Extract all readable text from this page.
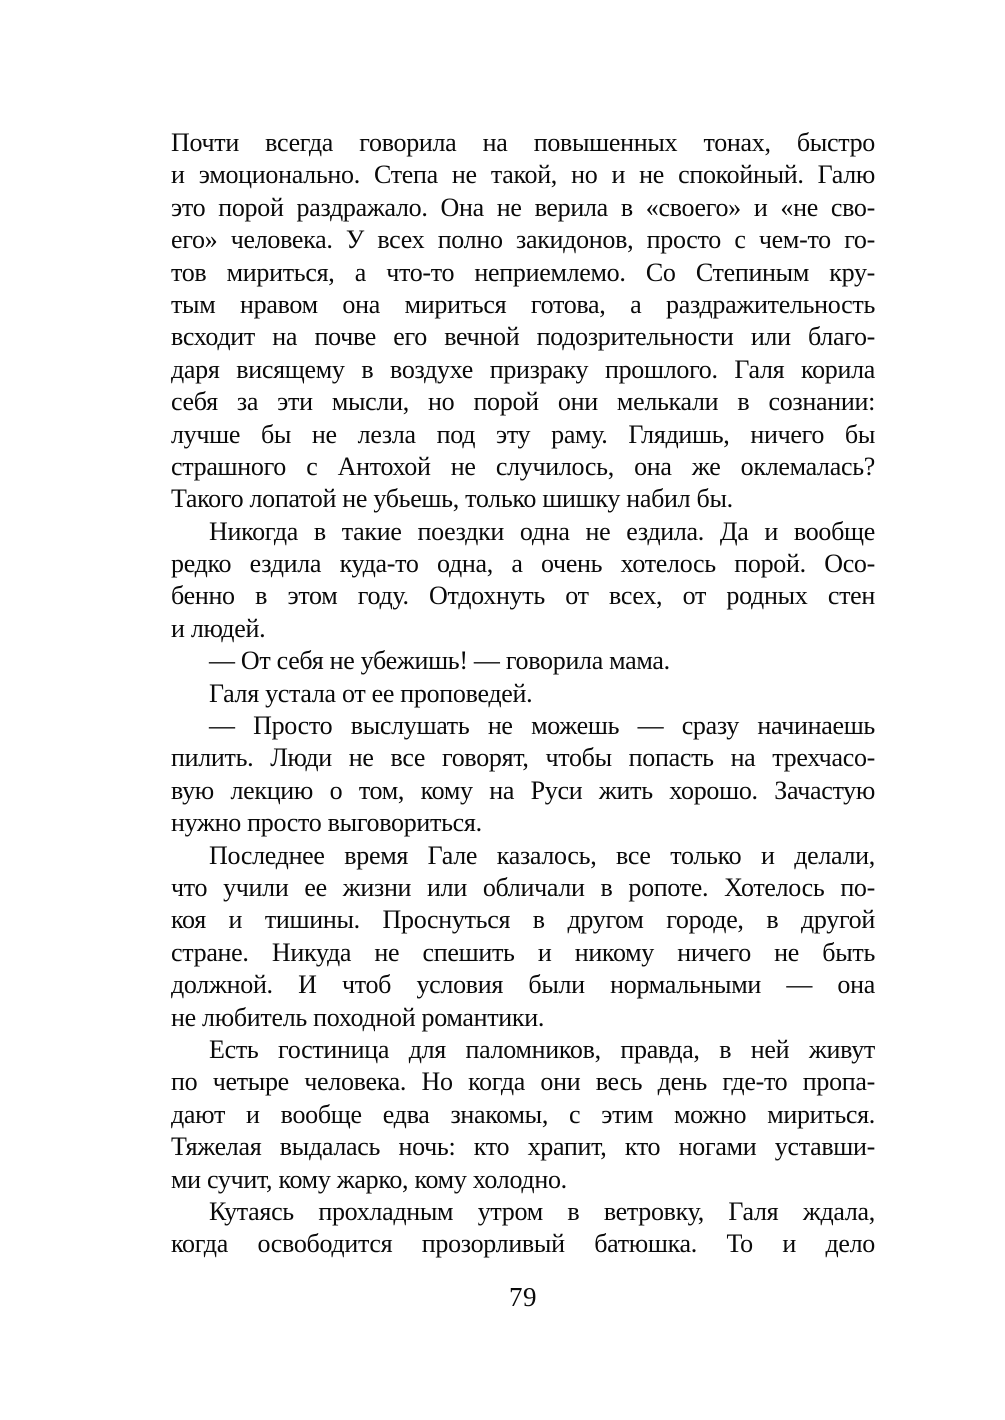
Почти всегда говорила на повышенных тонах, быстро
и эмоционально. Степа не такой, но и не спокойный. Галю
это порой раздражало. Она не верила в «своего» и «не сво-
его» человека. У всех полно закидонов, просто с чем-то го-
тов мириться, а что-то неприемлемо. Со Степиным кру-
тым нравом она мириться готова, а раздражительность
всходит на почве его вечной подозрительности или благо-
даря висящему в воздухе призраку прошлого. Галя корила
себя за эти мысли, но порой они мелькали в сознании:
лучше бы не лезла под эту раму. Глядишь, ничего бы
страшного с Антохой не случилось, она же оклемалась?
Такого лопатой не убьешь, только шишку набил бы.
Никогда в такие поездки одна не ездила. Да и вообще
редко ездила куда-то одна, а очень хотелось порой. Осо-
бенно в этом году. Отдохнуть от всех, от родных стен
и людей.
— От себя не убежишь! — говорила мама.
Галя устала от ее проповедей.
— Просто выслушать не можешь — сразу начинаешь
пилить. Люди не все говорят, чтобы попасть на трехчасо-
вую лекцию о том, кому на Руси жить хорошо. Зачастую
нужно просто выговориться.
Последнее время Гале казалось, все только и делали,
что учили ее жизни или обличали в ропоте. Хотелось по-
коя и тишины. Проснуться в другом городе, в другой
стране. Никуда не спешить и никому ничего не быть
должной. И чтоб условия были нормальными — она
не любитель походной романтики.
Есть гостиница для паломников, правда, в ней живут
по четыре человека. Но когда они весь день где-то пропа-
дают и вообще едва знакомы, с этим можно мириться.
Тяжелая выдалась ночь: кто храпит, кто ногами уставши-
ми сучит, кому жарко, кому холодно.
Кутаясь прохладным утром в ветровку, Галя ждала,
когда освободится прозорливый батюшка. То и дело
79
